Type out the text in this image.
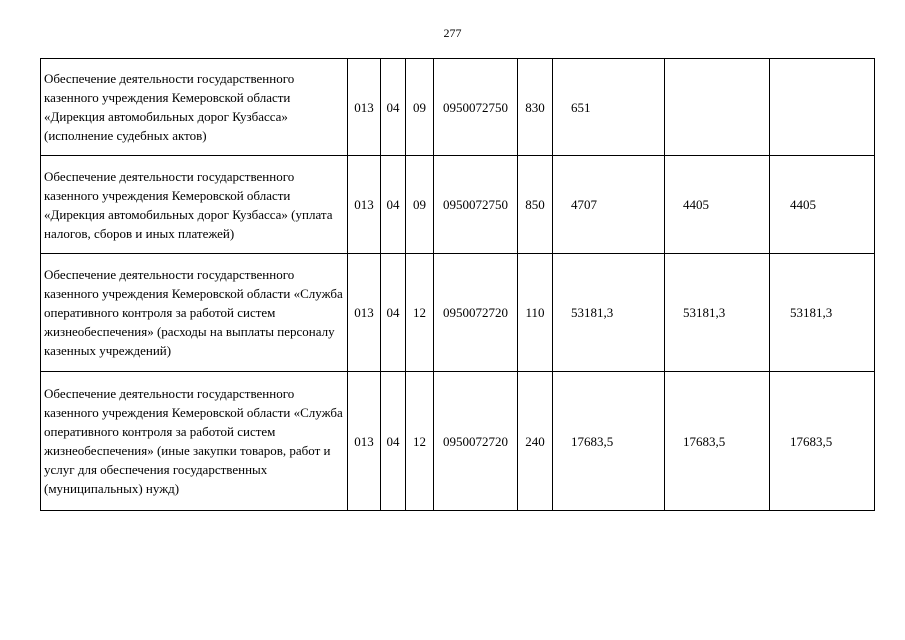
277
Обеспечение деятельности государственного казенного учреждения Кемеровской области «Дирекция автомобильных дорог Кузбасса» (исполнение судебных актов)	013	04	09	0950072750	830	651		
Обеспечение деятельности государственного казенного учреждения Кемеровской области «Дирекция автомобильных дорог Кузбасса» (уплата налогов, сборов и иных платежей)	013	04	09	0950072750	850	4707	4405	4405
Обеспечение деятельности государственного казенного учреждения Кемеровской области «Служба оперативного контроля за работой систем жизнеобеспечения» (расходы на выплаты персоналу казенных учреждений)	013	04	12	0950072720	110	53181,3	53181,3	53181,3
Обеспечение деятельности государственного казенного учреждения Кемеровской области «Служба оперативного контроля за работой систем жизнеобеспечения» (иные закупки товаров, работ и услуг для обеспечения государственных (муниципальных) нужд)	013	04	12	0950072720	240	17683,5	17683,5	17683,5
